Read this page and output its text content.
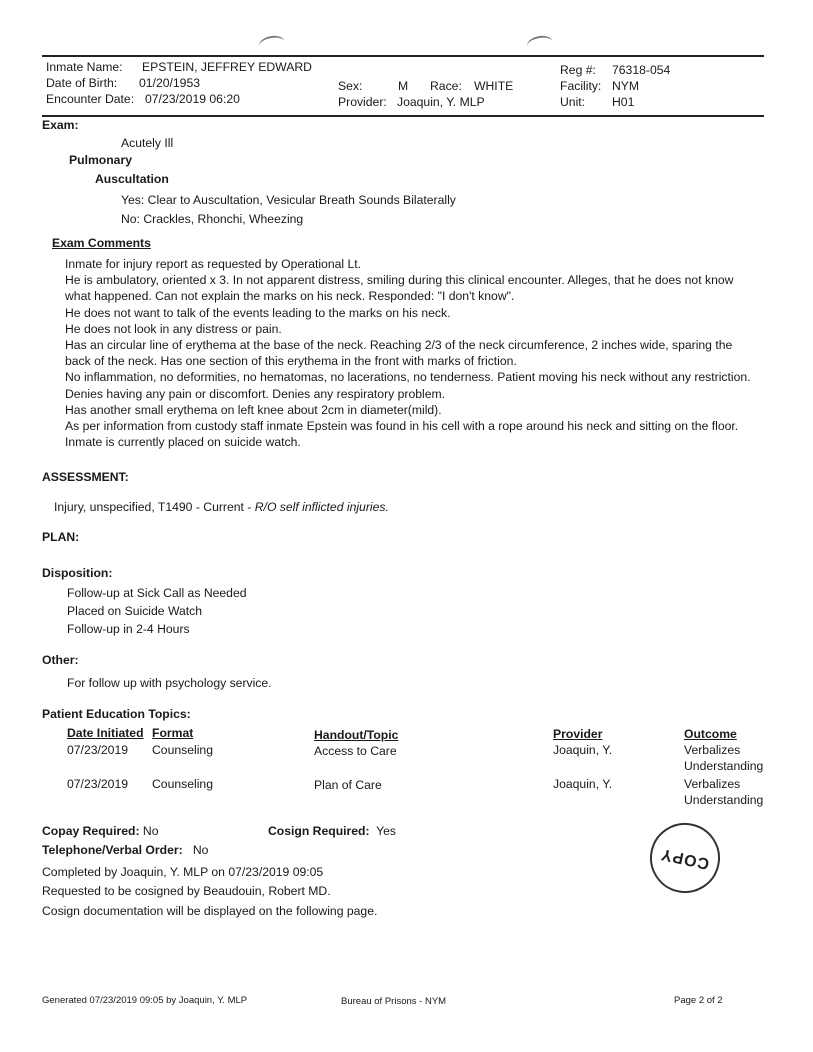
Inmate Name: EPSTEIN, JEFFREY EDWARD
Date of Birth: 01/20/1953
Encounter Date: 07/23/2019 06:20
Sex:	M Race: WHITE
Provider: Joaquin, Y. MLP
Reg #: 76318-054
Facility: NYM
Unit: H01
Exam:
Acutely Ill
Pulmonary
Auscultation
Yes: Clear to Auscultation, Vesicular Breath Sounds Bilaterally
No: Crackles, Rhonchi, Wheezing
Exam Comments
Inmate for injury report as requested by Operational Lt.
He is ambulatory, oriented x 3. In not apparent distress, smiling during this clinical encounter. Alleges, that he does not know what happened. Can not explain the marks on his neck. Responded: "I don't know".
He does not want to talk of the events leading to the marks on his neck.
He does not look in any distress or pain.
Has an circular line of erythema at the base of the neck. Reaching 2/3 of the neck circumference, 2 inches wide, sparing the back of the neck. Has one section of this erythema in the front with marks of friction.
No inflammation, no deformities, no hematomas, no lacerations, no tenderness. Patient moving his neck without any restriction. Denies having any pain or discomfort. Denies any respiratory problem.
Has another small erythema on left knee about 2cm in diameter(mild).
As per information from custody staff inmate Epstein was found in his cell with a rope around his neck and sitting on the floor.
Inmate is currently placed on suicide watch.
ASSESSMENT:
Injury, unspecified, T1490 - Current - R/O self inflicted injuries.
PLAN:
Disposition:
Follow-up at Sick Call as Needed
Placed on Suicide Watch
Follow-up in 2-4 Hours
Other:
For follow up with psychology service.
Patient Education Topics:
Date Initiated Format	Handout/Topic	Provider	Outcome
07/23/2019 Counseling	Access to Care	Joaquin, Y.	Verbalizes
Understanding
07/23/2019 Counseling	Plan of Care	Joaquin, Y.	Verbalizes
Understanding
Copay Required: No	Cosign Required: Yes
Telephone/Verbal Order: No
Completed by Joaquin, Y. MLP on 07/23/2019 09:05
Requested to be cosigned by Beaudouin, Robert MD.
Cosign documentation will be displayed on the following page.
COPY
Generated 07/23/2019 09:05 by Joaquin, Y. MLP	Bureau of Prisons - NYM	Page 2 of 2
